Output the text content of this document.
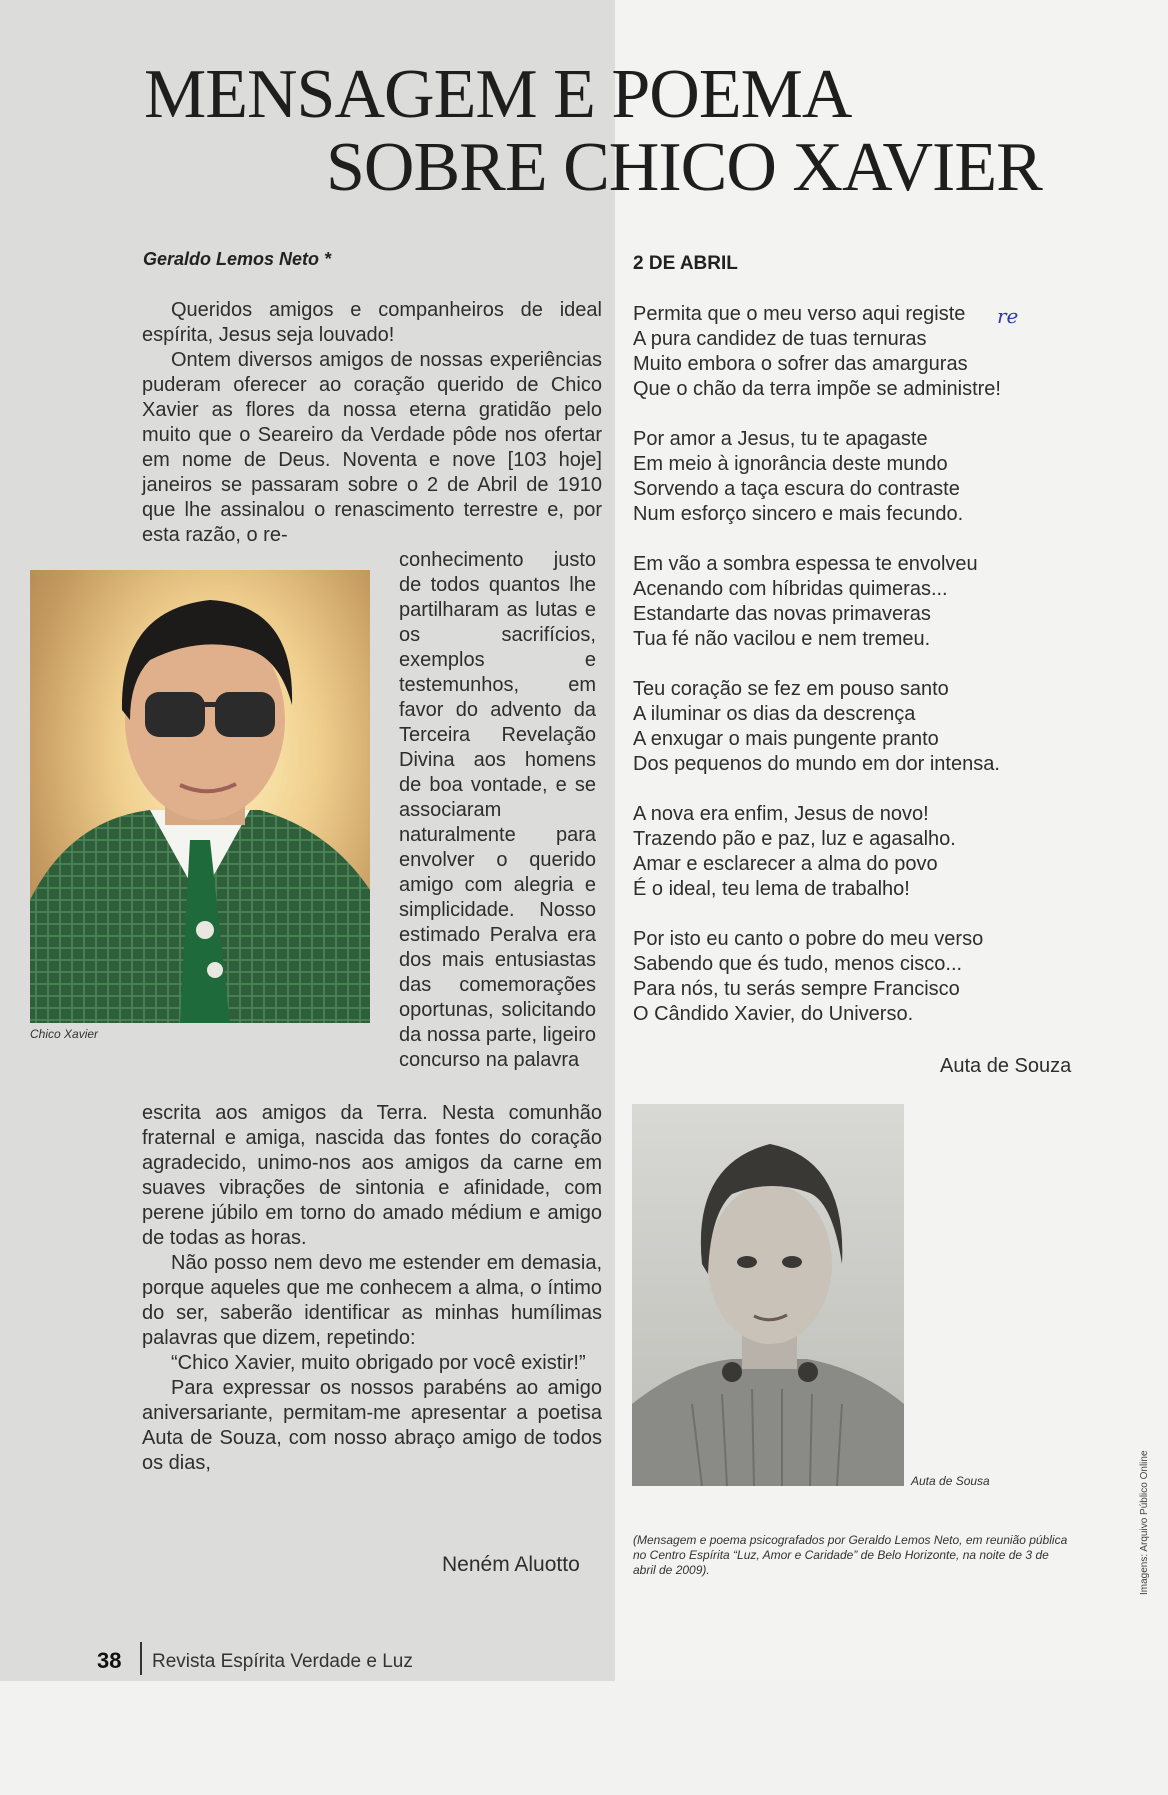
MENSAGEM E POEMA
SOBRE CHICO XAVIER
Geraldo Lemos Neto *

Queridos amigos e companheiros de ideal espírita, Jesus seja louvado!

Ontem diversos amigos de nossas experiências puderam oferecer ao coração querido de Chico Xavier as flores da nossa eterna gratidão pelo muito que o Seareiro da Verdade pôde nos ofertar em nome de Deus. Noventa e nove [103 hoje] janeiros se passaram sobre o 2 de Abril de 1910 que lhe assinalou o renascimento terrestre e, por esta razão, o re-

conhecimento justo de todos quantos lhe partilharam as lutas e os sacrifícios, exemplos e testemunhos, em favor do advento da Terceira Revelação Divina aos homens de boa vontade, e se associaram naturalmente para envolver o querido amigo com alegria e simplicidade. Nosso estimado Peralva era dos mais entusiastas das comemorações oportunas, solicitando da nossa parte, ligeiro concurso na palavra

escrita aos amigos da Terra. Nesta comunhão fraternal e amiga, nascida das fontes do coração agradecido, unimo-nos aos amigos da carne em suaves vibrações de sintonia e afinidade, com perene júbilo em torno do amado médium e amigo de todas as horas.

Não posso nem devo me estender em demasia, porque aqueles que me conhecem a alma, o íntimo do ser, saberão identificar as minhas humílimas palavras que dizem, repetindo:

“Chico Xavier, muito obrigado por você existir!”

Para expressar os nossos parabéns ao amigo aniversariante, permitam-me apresentar a poetisa Auta de Souza, com nosso abraço amigo de todos os dias,

Neném Aluotto
Chico Xavier
2 DE ABRIL
re
Permita que o meu verso aqui registe
A pura candidez de tuas ternuras
Muito embora o sofrer das amarguras
Que o chão da terra impõe se administre!
Por amor a Jesus, tu te apagaste
Em meio à ignorância deste mundo
Sorvendo a taça escura do contraste
Num esforço sincero e mais fecundo.
Em vão a sombra espessa te envolveu
Acenando com híbridas quimeras...
Estandarte das novas primaveras
Tua fé não vacilou e nem tremeu.
Teu coração se fez em pouso santo
A iluminar os dias da descrença
A enxugar o mais pungente pranto
Dos pequenos do mundo em dor intensa.
A nova era enfim, Jesus de novo!
Trazendo pão e paz, luz e agasalho.
Amar e esclarecer a alma do povo
É o ideal, teu lema de trabalho!
Por isto eu canto o pobre do meu verso
Sabendo que és tudo, menos cisco...
Para nós, tu serás sempre Francisco
O Cândido Xavier, do Universo.
Auta de Souza
Auta de Sousa
(Mensagem e poema psicografados por Geraldo Lemos Neto, em reunião pública no Centro Espírita “Luz, Amor e Caridade” de Belo Horizonte, na noite de 3 de abril de 2009).	Imagens: Arquivo Público Online
38 Revista Espírita Verdade e Luz
